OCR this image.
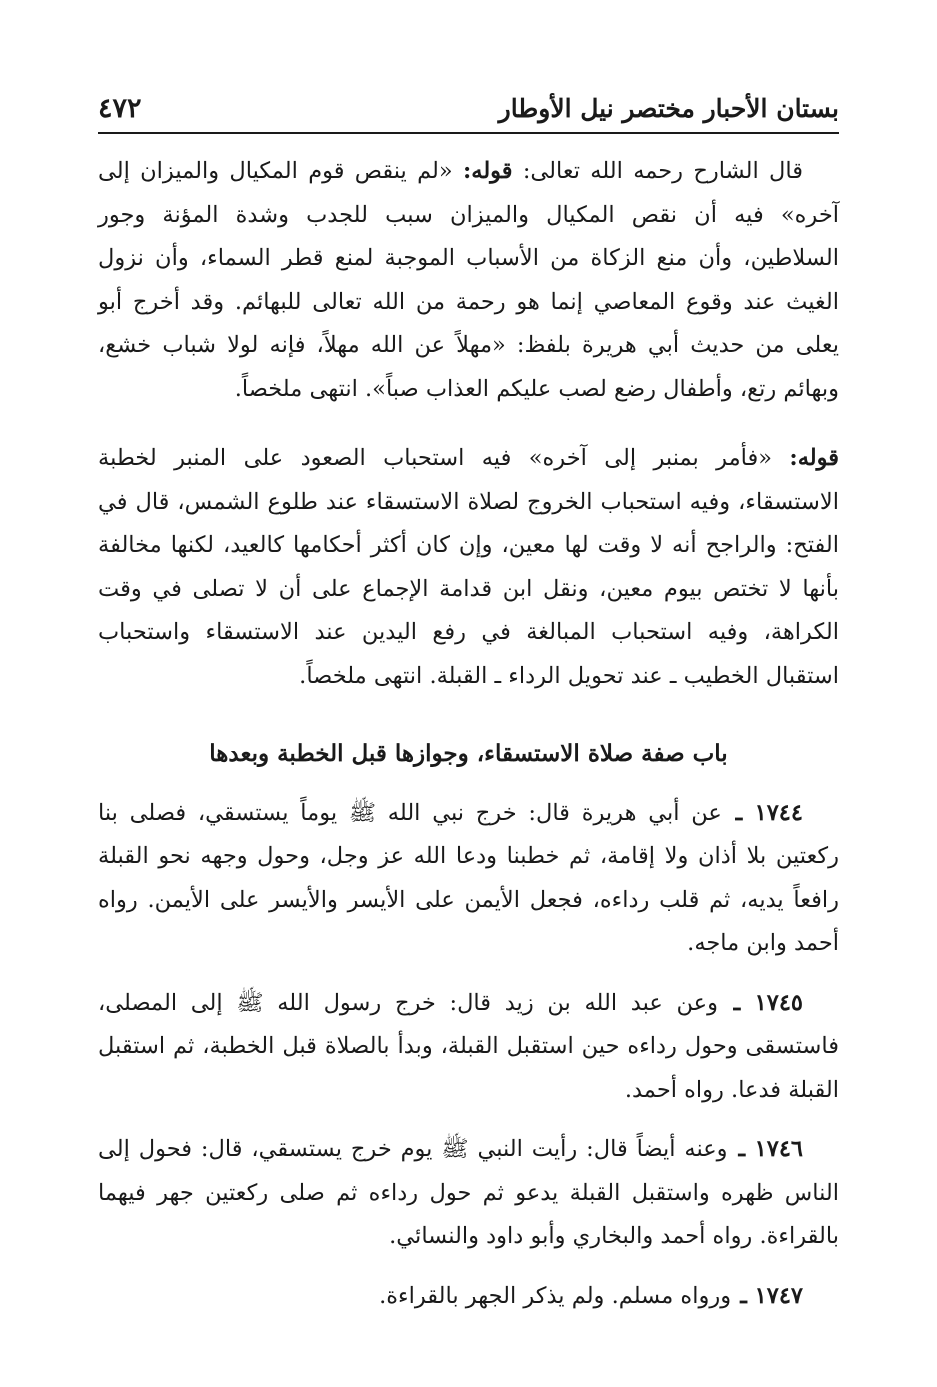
بستان الأحبار مختصر نيل الأوطار
٤٧٢

قال الشارح رحمه الله تعالى: قوله: «لم ينقص قوم المكيال والميزان إلى آخره» فيه أن نقص المكيال والميزان سبب للجدب وشدة المؤنة وجور السلاطين، وأن منع الزكاة من الأسباب الموجبة لمنع قطر السماء، وأن نزول الغيث عند وقوع المعاصي إنما هو رحمة من الله تعالى للبهائم. وقد أخرج أبو يعلى من حديث أبي هريرة بلفظ: «مهلاً عن الله مهلاً، فإنه لولا شباب خشع، وبهائم رتع، وأطفال رضع لصب عليكم العذاب صباً». انتهى ملخصاً.

قوله: «فأمر بمنبر إلى آخره» فيه استحباب الصعود على المنبر لخطبة الاستسقاء، وفيه استحباب الخروج لصلاة الاستسقاء عند طلوع الشمس، قال في الفتح: والراجح أنه لا وقت لها معين، وإن كان أكثر أحكامها كالعيد، لكنها مخالفة بأنها لا تختص بيوم معين، ونقل ابن قدامة الإجماع على أن لا تصلى في وقت الكراهة، وفيه استحباب المبالغة في رفع اليدين عند الاستسقاء واستحباب استقبال الخطيب ـ عند تحويل الرداء ـ القبلة. انتهى ملخصاً.

باب صفة صلاة الاستسقاء، وجوازها قبل الخطبة وبعدها

١٧٤٤ ـ عن أبي هريرة قال: خرج نبي الله ﷺ يوماً يستسقي، فصلى بنا ركعتين بلا أذان ولا إقامة، ثم خطبنا ودعا الله عز وجل، وحول وجهه نحو القبلة رافعاً يديه، ثم قلب رداءه، فجعل الأيمن على الأيسر والأيسر على الأيمن. رواه أحمد وابن ماجه.

١٧٤٥ ـ وعن عبد الله بن زيد قال: خرج رسول الله ﷺ إلى المصلى، فاستسقى وحول رداءه حين استقبل القبلة، وبدأ بالصلاة قبل الخطبة، ثم استقبل القبلة فدعا. رواه أحمد.

١٧٤٦ ـ وعنه أيضاً قال: رأيت النبي ﷺ يوم خرج يستسقي، قال: فحول إلى الناس ظهره واستقبل القبلة يدعو ثم حول رداءه ثم صلى ركعتين جهر فيهما بالقراءة. رواه أحمد والبخاري وأبو داود والنسائي.

١٧٤٧ ـ ورواه مسلم. ولم يذكر الجهر بالقراءة.
